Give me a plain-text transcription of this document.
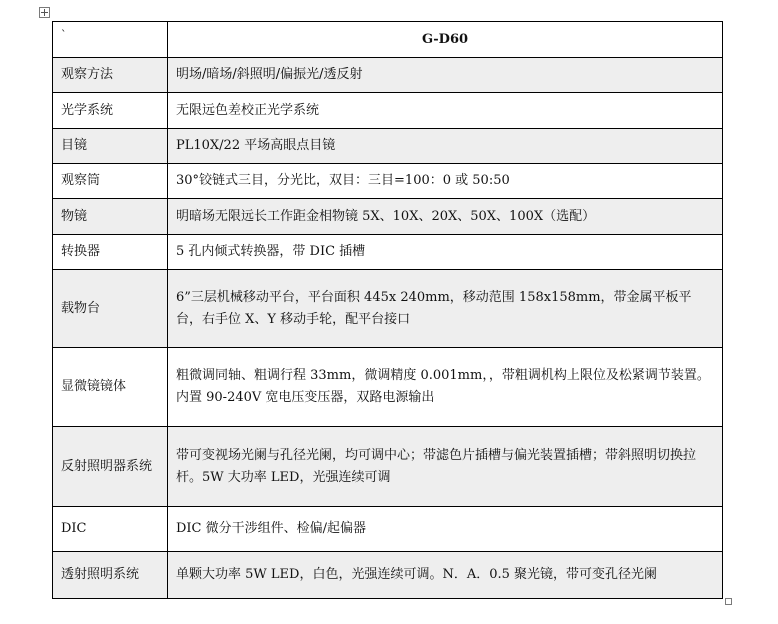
`	G-D60
观察方法	明场/暗场/斜照明/偏振光/透反射
光学系统	无限远色差校正光学系统
目镜	PL10X/22 平场高眼点目镜
观察筒	30°铰链式三目，分光比，双目：三目=100：0 或 50:50
物镜	明暗场无限远长工作距金相物镜 5X、10X、20X、50X、100X（选配）
转换器	5 孔内倾式转换器，带 DIC 插槽
载物台	6”三层机械移动平台，平台面积 445x 240mm，移动范围 158x158mm，带金属平板平台，右手位 X、Y 移动手轮，配平台接口
显微镜镜体	粗微调同轴、粗调行程 33mm，微调精度 0.001mm，，带粗调机构上限位及松紧调节装置。内置 90-240V 宽电压变压器，双路电源输出
反射照明器系统	带可变视场光阑与孔径光阑，均可调中心；带滤色片插槽与偏光装置插槽；带斜照明切换拉杆。5W 大功率 LED，光强连续可调
DIC	DIC 微分干涉组件、检偏/起偏器
透射照明系统	单颗大功率 5W LED，白色，光强连续可调。N．A．0.5 聚光镜，带可变孔径光阑
